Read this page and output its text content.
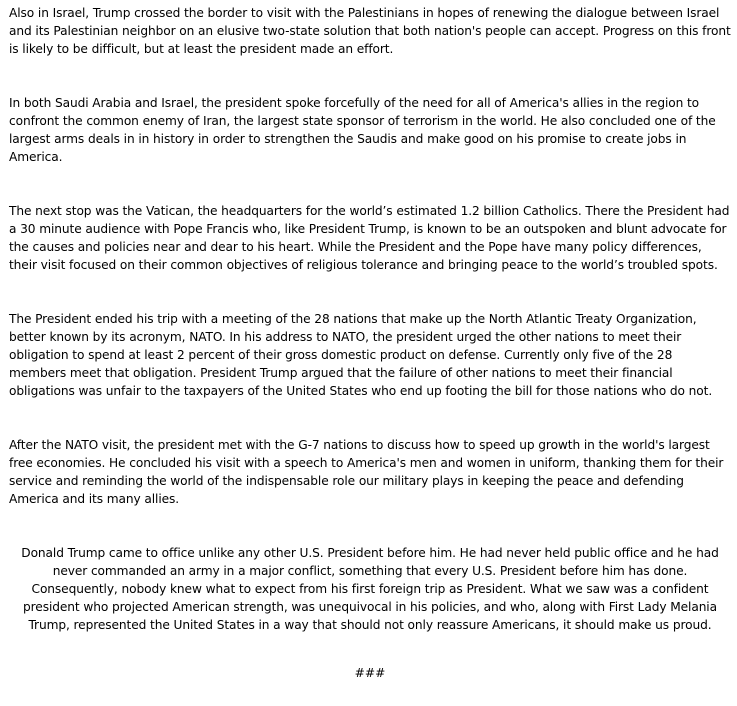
Also in Israel, Trump crossed the border to visit with the Palestinians in hopes of renewing the dialogue between Israel and its Palestinian neighbor on an elusive two-state solution that both nation's people can accept. Progress on this front is likely to be difficult, but at least the president made an effort.

In both Saudi Arabia and Israel, the president spoke forcefully of the need for all of America's allies in the region to confront the common enemy of Iran, the largest state sponsor of terrorism in the world. He also concluded one of the largest arms deals in in history in order to strengthen the Saudis and make good on his promise to create jobs in America.

The next stop was the Vatican, the headquarters for the world’s estimated 1.2 billion Catholics. There the President had a 30 minute audience with Pope Francis who, like President Trump, is known to be an outspoken and blunt advocate for the causes and policies near and dear to his heart. While the President and the Pope have many policy differences, their visit focused on their common objectives of religious tolerance and bringing peace to the world’s troubled spots.

The President ended his trip with a meeting of the 28 nations that make up the North Atlantic Treaty Organization, better known by its acronym, NATO. In his address to NATO, the president urged the other nations to meet their obligation to spend at least 2 percent of their gross domestic product on defense. Currently only five of the 28 members meet that obligation. President Trump argued that the failure of other nations to meet their financial obligations was unfair to the taxpayers of the United States who end up footing the bill for those nations who do not.

After the NATO visit, the president met with the G-7 nations to discuss how to speed up growth in the world's largest free economies. He concluded his visit with a speech to America's men and women in uniform, thanking them for their service and reminding the world of the indispensable role our military plays in keeping the peace and defending America and its many allies.

Donald Trump came to office unlike any other U.S. President before him. He had never held public office and he had never commanded an army in a major conflict, something that every U.S. President before him has done. Consequently, nobody knew what to expect from his first foreign trip as President. What we saw was a confident president who projected American strength, was unequivocal in his policies, and who, along with First Lady Melania Trump, represented the United States in a way that should not only reassure Americans, it should make us proud.

###
